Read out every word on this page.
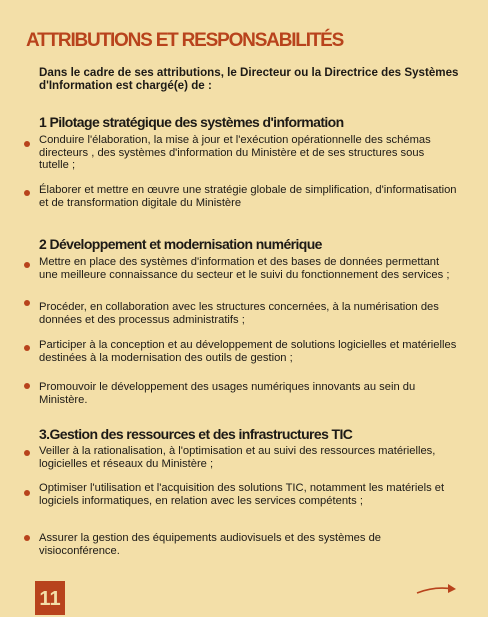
ATTRIBUTIONS ET RESPONSABILITÉS
Dans le cadre de ses attributions, le Directeur ou la Directrice des Systèmes d'Information est chargé(e) de :
1 Pilotage stratégique des systèmes d'information
Conduire l'élaboration, la mise à jour et l'exécution opérationnelle des schémas directeurs , des systèmes d'information du Ministère et de ses structures sous tutelle ;
Élaborer et mettre en œuvre une stratégie globale de simplification, d'informatisation et de transformation digitale du Ministère
2 Développement et modernisation numérique
Mettre en place des systèmes d'information et des bases de données permettant une meilleure connaissance du secteur et le suivi du fonctionnement des services ;
Procéder, en collaboration avec les structures concernées, à la numérisation des données et des processus administratifs ;
Participer à la conception et au développement de solutions logicielles et matérielles destinées à la modernisation des outils de gestion ;
Promouvoir le développement des usages numériques innovants au sein du Ministère.
3.Gestion des ressources et des infrastructures TIC
Veiller à la rationalisation, à l'optimisation et au suivi des ressources matérielles, logicielles et réseaux du Ministère ;
Optimiser l'utilisation et l'acquisition des solutions TIC, notamment les matériels et logiciels informatiques, en relation avec les services compétents ;
Assurer la gestion des équipements audiovisuels et des systèmes de visioconférence.
11
